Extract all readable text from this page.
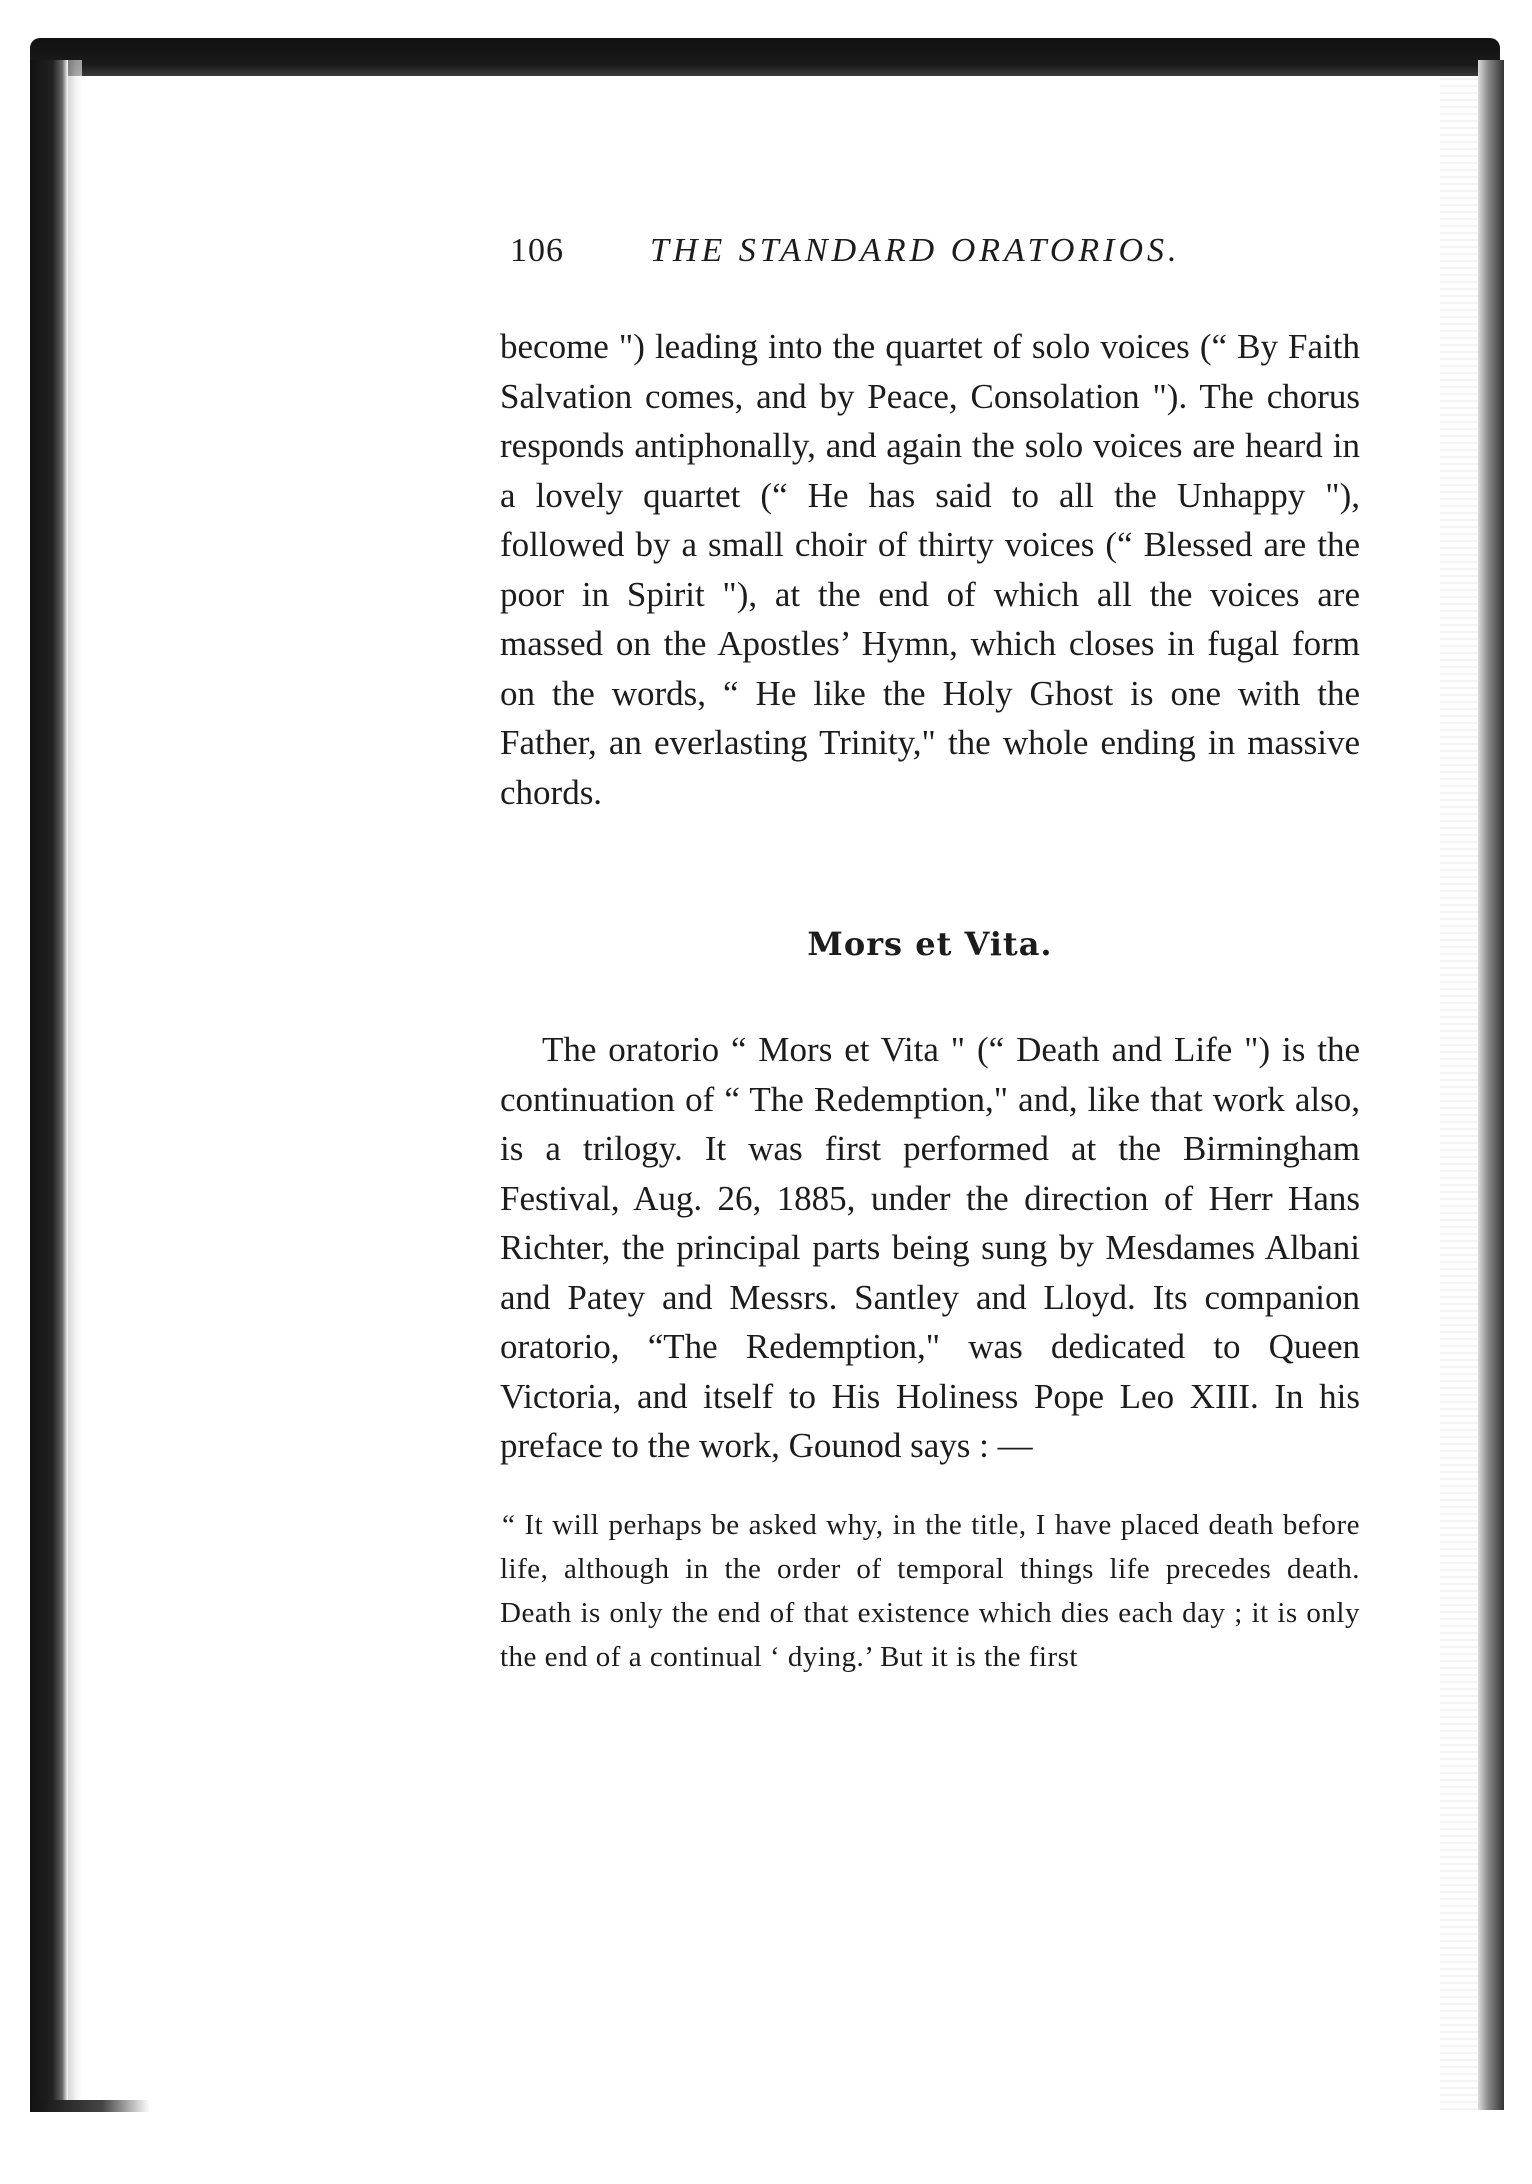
106	THE STANDARD ORATORIOS.

become ") leading into the quartet of solo voices (“ By Faith Salvation comes, and by Peace, Consolation "). The chorus responds antiphonally, and again the solo voices are heard in a lovely quartet (“ He has said to all the Unhappy "), followed by a small choir of thirty voices (“ Blessed are the poor in Spirit "), at the end of which all the voices are massed on the Apostles’ Hymn, which closes in fugal form on the words, “ He like the Holy Ghost is one with the Father, an everlasting Trinity," the whole ending in massive chords.

Mors et Vita.

The oratorio “ Mors et Vita " (“ Death and Life ") is the continuation of “ The Redemption," and, like that work also, is a trilogy. It was first performed at the Birmingham Festival, Aug. 26, 1885, under the direction of Herr Hans Richter, the principal parts being sung by Mesdames Albani and Patey and Messrs. Santley and Lloyd. Its companion oratorio, “The Redemption," was dedicated to Queen Victoria, and itself to His Holiness Pope Leo XIII. In his preface to the work, Gounod says : —

“ It will perhaps be asked why, in the title, I have placed death before life, although in the order of temporal things life precedes death. Death is only the end of that existence which dies each day ; it is only the end of a continual ‘ dying.’ But it is the first
